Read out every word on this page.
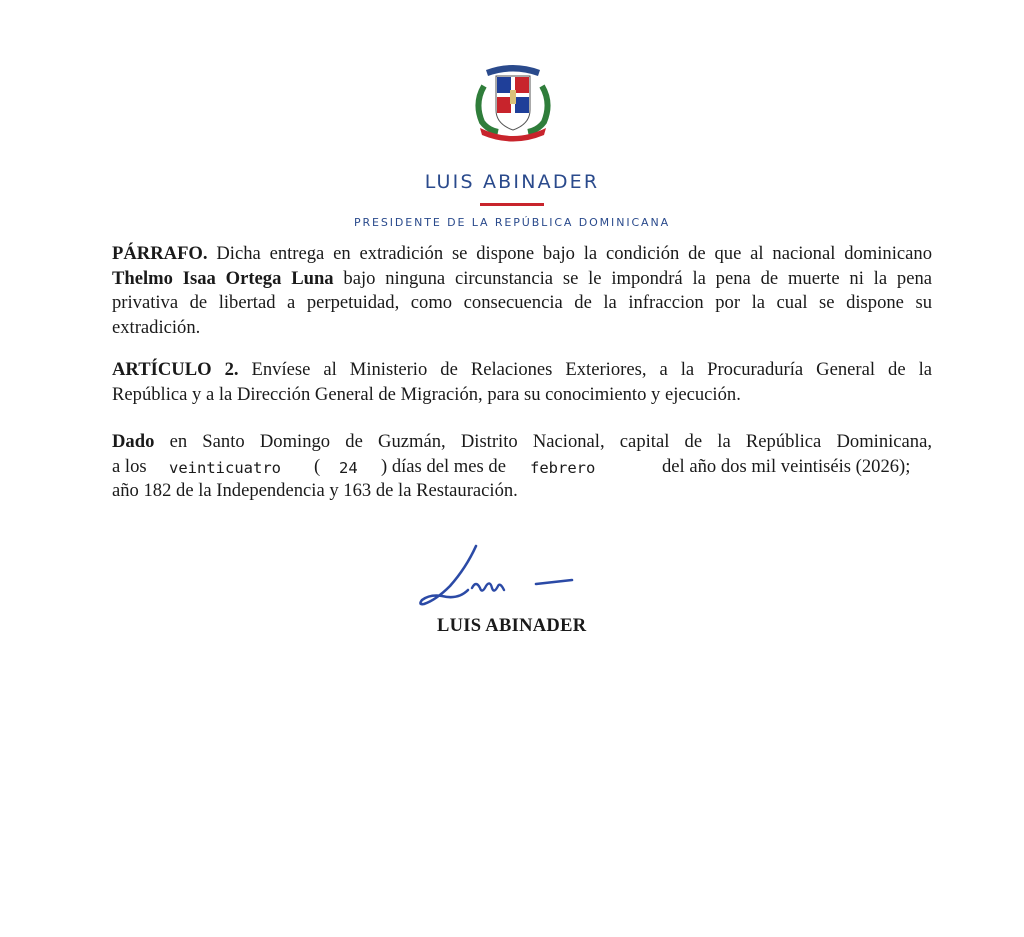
LUIS ABINADER
PRESIDENTE DE LA REPÚBLICA DOMINICANA
PÁRRAFO. Dicha entrega en extradición se dispone bajo la condición de que al nacional dominicano
Thelmo Isaa Ortega Luna bajo ninguna circunstancia se le impondrá la pena de muerte ni la pena
privativa de libertad a perpetuidad, como consecuencia de la infraccion por la cual se dispone su
extradición.
ARTÍCULO 2. Envíese al Ministerio de Relaciones Exteriores, a la Procuraduría General de la
República y a la Dirección General de Migración, para su conocimiento y ejecución.
Dado en Santo Domingo de Guzmán, Distrito Nacional, capital de la República Dominicana,
a los veinticuatro ( 24 ) días del mes de febrero	del año dos mil veintiséis (2026);
año 182 de la Independencia y 163 de la Restauración.
LUIS ABINADER
